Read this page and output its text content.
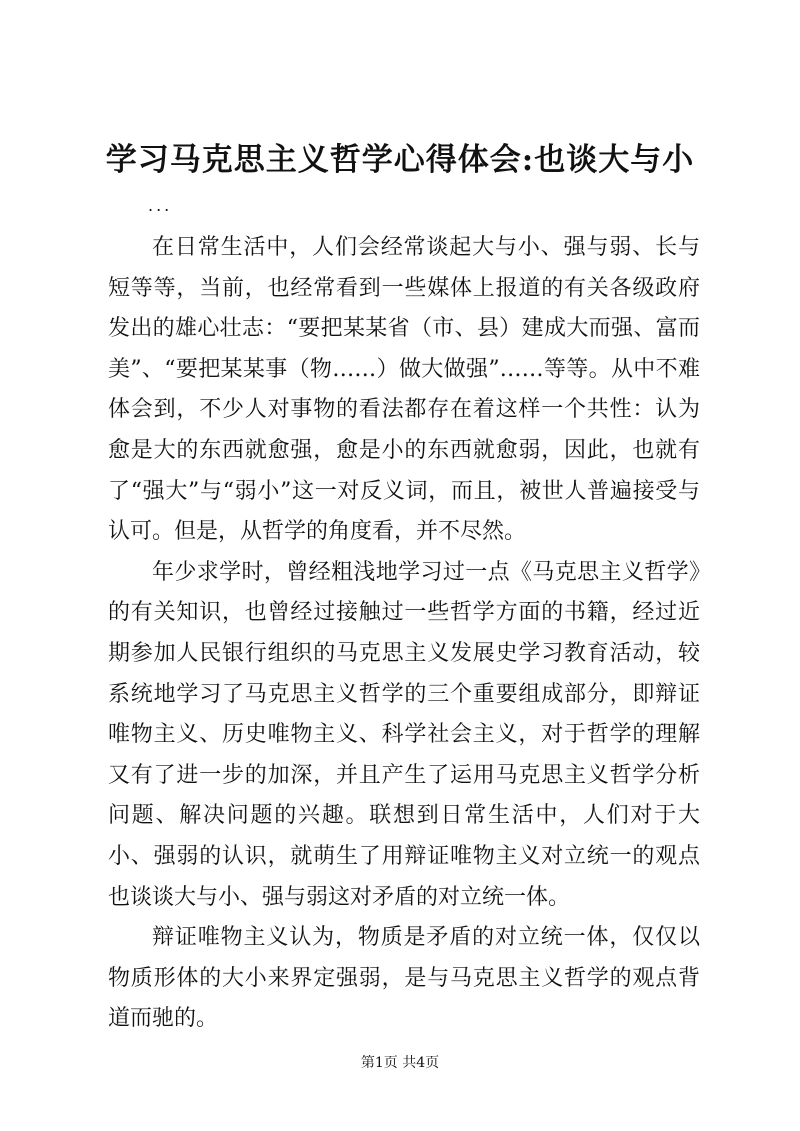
学习马克思主义哲学心得体会:也谈大与小
...

在日常生活中，人们会经常谈起大与小、强与弱、长与短等等，当前，也经常看到一些媒体上报道的有关各级政府发出的雄心壮志：“要把某某省（市、县）建成大而强、富而美”、“要把某某事（物……）做大做强”……等等。从中不难体会到，不少人对事物的看法都存在着这样一个共性：认为愈是大的东西就愈强，愈是小的东西就愈弱，因此，也就有了“强大”与“弱小”这一对反义词，而且，被世人普遍接受与认可。但是，从哲学的角度看，并不尽然。

年少求学时，曾经粗浅地学习过一点《马克思主义哲学》的有关知识，也曾经过接触过一些哲学方面的书籍，经过近期参加人民银行组织的马克思主义发展史学习教育活动，较系统地学习了马克思主义哲学的三个重要组成部分，即辩证唯物主义、历史唯物主义、科学社会主义，对于哲学的理解又有了进一步的加深，并且产生了运用马克思主义哲学分析问题、解决问题的兴趣。联想到日常生活中，人们对于大小、强弱的认识，就萌生了用辩证唯物主义对立统一的观点也谈谈大与小、强与弱这对矛盾的对立统一体。

辩证唯物主义认为，物质是矛盾的对立统一体，仅仅以物质形体的大小来界定强弱，是与马克思主义哲学的观点背道而驰的。

第1页 共4页
